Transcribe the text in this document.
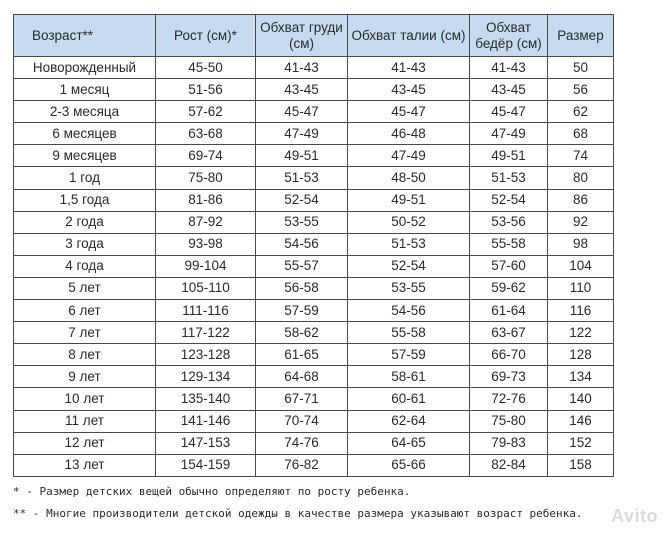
Возраст**	Рост (см)*	Обхват груди (см)	Обхват талии (см)	Обхват бедёр (см)	Размер
Новорожденный	45-50	41-43	41-43	41-43	50
1 месяц	51-56	43-45	43-45	43-45	56
2-3 месяца	57-62	45-47	45-47	45-47	62
6 месяцев	63-68	47-49	46-48	47-49	68
9 месяцев	69-74	49-51	47-49	49-51	74
1 год	75-80	51-53	48-50	51-53	80
1,5 года	81-86	52-54	49-51	52-54	86
2 года	87-92	53-55	50-52	53-56	92
3 года	93-98	54-56	51-53	55-58	98
4 года	99-104	55-57	52-54	57-60	104
5 лет	105-110	56-58	53-55	59-62	110
6 лет	111-116	57-59	54-56	61-64	116
7 лет	117-122	58-62	55-58	63-67	122
8 лет	123-128	61-65	57-59	66-70	128
9 лет	129-134	64-68	58-61	69-73	134
10 лет	135-140	67-71	60-61	72-76	140
11 лет	141-146	70-74	62-64	75-80	146
12 лет	147-153	74-76	64-65	79-83	152
13 лет	154-159	76-82	65-66	82-84	158
* - Размер детских вещей обычно определяют по росту ребенка.
** - Многие производители детской одежды в качестве размера указывают возраст ребенка. Avito
